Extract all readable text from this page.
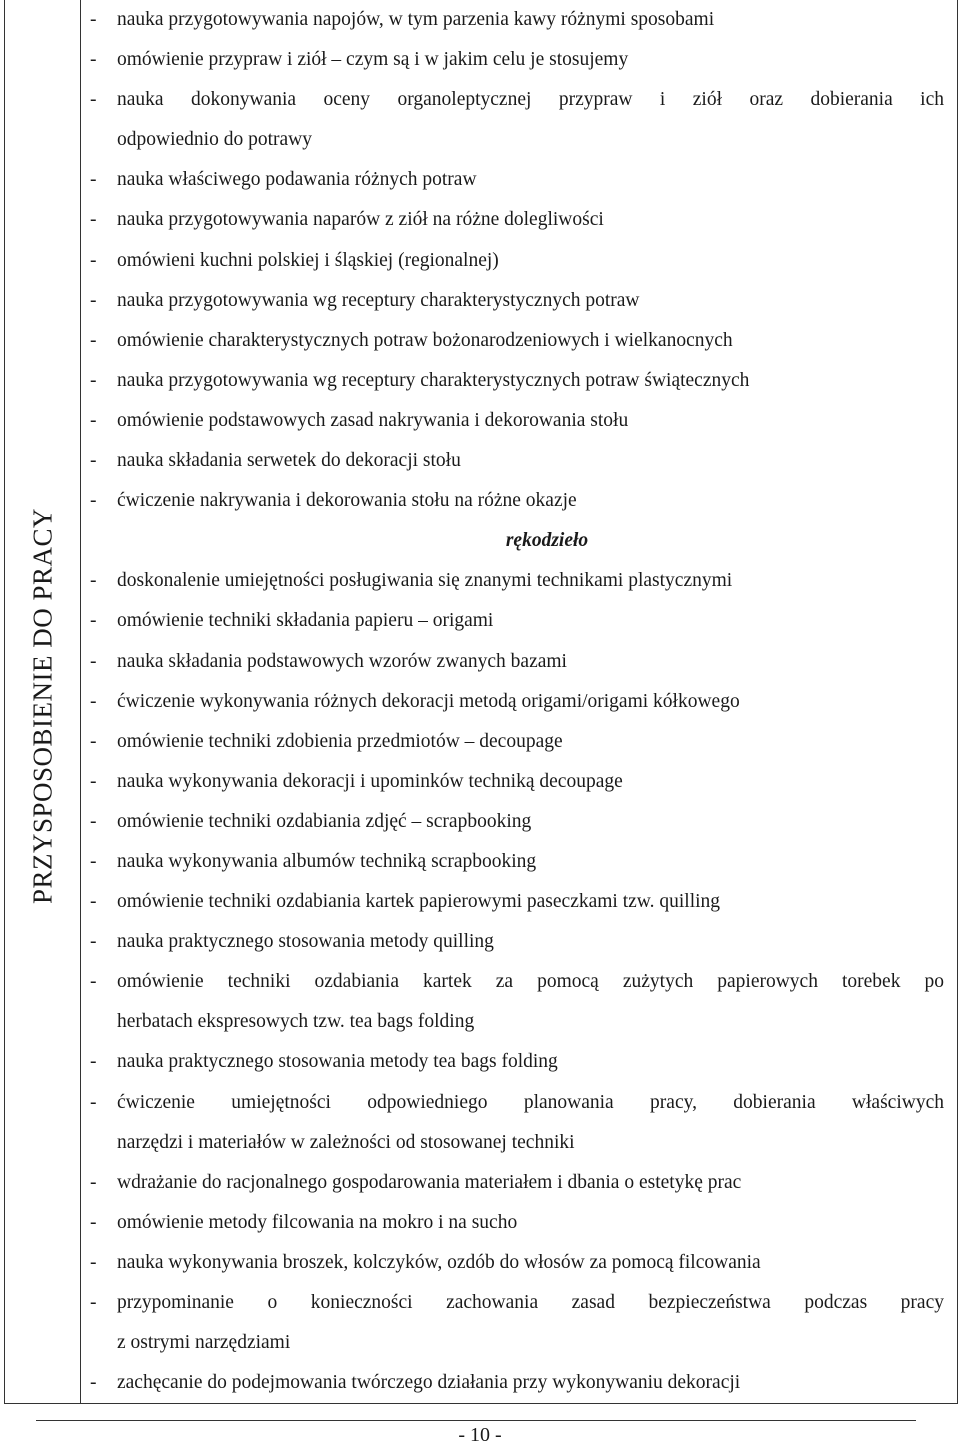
PRZYSPOSOBIENIE DO PRACY
- nauka przygotowywania napojów, w tym parzenia kawy różnymi sposobami
- omówienie przypraw i ziół – czym są i w jakim celu je stosujemy
- nauka dokonywania oceny organoleptycznej przypraw i ziół oraz dobierania ich
odpowiednio do potrawy
- nauka właściwego podawania różnych potraw
- nauka przygotowywania naparów z ziół na różne dolegliwości
- omówieni kuchni polskiej i śląskiej (regionalnej)
- nauka przygotowywania wg receptury charakterystycznych potraw
- omówienie charakterystycznych potraw bożonarodzeniowych i wielkanocnych
- nauka przygotowywania wg receptury charakterystycznych potraw świątecznych
- omówienie podstawowych zasad nakrywania i dekorowania stołu
- nauka składania serwetek do dekoracji stołu
- ćwiczenie nakrywania i dekorowania stołu na różne okazje
rękodzieło
- doskonalenie umiejętności posługiwania się znanymi technikami plastycznymi
- omówienie techniki składania papieru – origami
- nauka składania podstawowych wzorów zwanych bazami
- ćwiczenie wykonywania różnych dekoracji metodą origami/origami kółkowego
- omówienie techniki zdobienia przedmiotów – decoupage
- nauka wykonywania dekoracji i upominków techniką decoupage
- omówienie techniki ozdabiania zdjęć – scrapbooking
- nauka wykonywania albumów techniką scrapbooking
- omówienie techniki ozdabiania kartek papierowymi paseczkami tzw. quilling
- nauka praktycznego stosowania metody quilling
- omówienie techniki ozdabiania kartek za pomocą zużytych papierowych torebek po
herbatach ekspresowych tzw. tea bags folding
- nauka praktycznego stosowania metody tea bags folding
- ćwiczenie umiejętności odpowiedniego planowania pracy, dobierania właściwych
narzędzi i materiałów w zależności od stosowanej techniki
- wdrażanie do racjonalnego gospodarowania materiałem i dbania o estetykę prac
- omówienie metody filcowania na mokro i na sucho
- nauka wykonywania broszek, kolczyków, ozdób do włosów za pomocą filcowania
- przypominanie o konieczności zachowania zasad bezpieczeństwa podczas pracy
z ostrymi narzędziami
- zachęcanie do podejmowania twórczego działania przy wykonywaniu dekoracji
- 10 -
